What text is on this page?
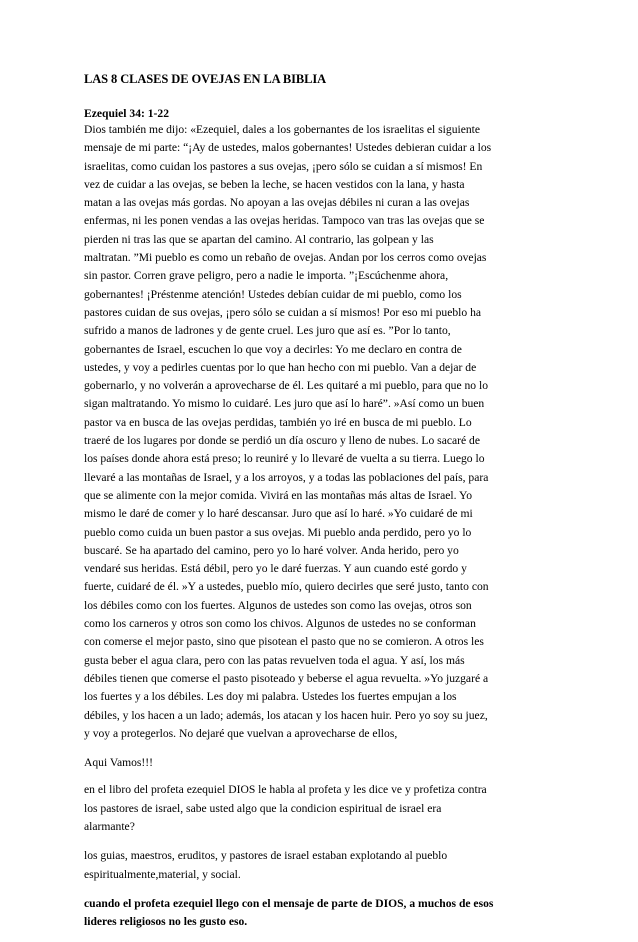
LAS 8 CLASES DE OVEJAS EN LA BIBLIA
Ezequiel 34: 1-22
Dios también me dijo: «Ezequiel, dales a los gobernantes de los israelitas el siguiente
mensaje de mi parte: “¡Ay de ustedes, malos gobernantes! Ustedes debieran cuidar a los
israelitas, como cuidan los pastores a sus ovejas, ¡pero sólo se cuidan a sí mismos! En
vez de cuidar a las ovejas, se beben la leche, se hacen vestidos con la lana, y hasta
matan a las ovejas más gordas. No apoyan a las ovejas débiles ni curan a las ovejas
enfermas, ni les ponen vendas a las ovejas heridas. Tampoco van tras las ovejas que se
pierden ni tras las que se apartan del camino. Al contrario, las golpean y las
maltratan. ”Mi pueblo es como un rebaño de ovejas. Andan por los cerros como ovejas
sin pastor. Corren grave peligro, pero a nadie le importa. ”¡Escúchenme ahora,
gobernantes! ¡Préstenme atención! Ustedes debían cuidar de mi pueblo, como los
pastores cuidan de sus ovejas, ¡pero sólo se cuidan a sí mismos! Por eso mi pueblo ha
sufrido a manos de ladrones y de gente cruel. Les juro que así es. ”Por lo tanto,
gobernantes de Israel, escuchen lo que voy a decirles: Yo me declaro en contra de
ustedes, y voy a pedirles cuentas por lo que han hecho con mi pueblo. Van a dejar de
gobernarlo, y no volverán a aprovecharse de él. Les quitaré a mi pueblo, para que no lo
sigan maltratando. Yo mismo lo cuidaré. Les juro que así lo haré”. »Así como un buen
pastor va en busca de las ovejas perdidas, también yo iré en busca de mi pueblo. Lo
traeré de los lugares por donde se perdió un día oscuro y lleno de nubes. Lo sacaré de
los países donde ahora está preso; lo reuniré y lo llevaré de vuelta a su tierra. Luego lo
llevaré a las montañas de Israel, y a los arroyos, y a todas las poblaciones del país, para
que se alimente con la mejor comida. Vivirá en las montañas más altas de Israel. Yo
mismo le daré de comer y lo haré descansar. Juro que así lo haré. »Yo cuidaré de mi
pueblo como cuida un buen pastor a sus ovejas. Mi pueblo anda perdido, pero yo lo
buscaré. Se ha apartado del camino, pero yo lo haré volver. Anda herido, pero yo
vendaré sus heridas. Está débil, pero yo le daré fuerzas. Y aun cuando esté gordo y
fuerte, cuidaré de él. »Y a ustedes, pueblo mío, quiero decirles que seré justo, tanto con
los débiles como con los fuertes. Algunos de ustedes son como las ovejas, otros son
como los carneros y otros son como los chivos. Algunos de ustedes no se conforman
con comerse el mejor pasto, sino que pisotean el pasto que no se comieron. A otros les
gusta beber el agua clara, pero con las patas revuelven toda el agua. Y así, los más
débiles tienen que comerse el pasto pisoteado y beberse el agua revuelta. »Yo juzgaré a
los fuertes y a los débiles. Les doy mi palabra. Ustedes los fuertes empujan a los
débiles, y los hacen a un lado; además, los atacan y los hacen huir. Pero yo soy su juez,
y voy a protegerlos. No dejaré que vuelvan a aprovecharse de ellos,
Aqui Vamos!!!
en el libro del profeta ezequiel DIOS le habla al profeta y les dice ve y profetiza contra
los pastores de israel, sabe usted algo que la condicion espiritual de israel era
alarmante?
los guias, maestros, eruditos, y pastores de israel estaban explotando al pueblo
espiritualmente,material, y social.
cuando el profeta ezequiel llego con el mensaje de parte de DIOS, a muchos de esos
lideres religiosos no les gusto eso.
